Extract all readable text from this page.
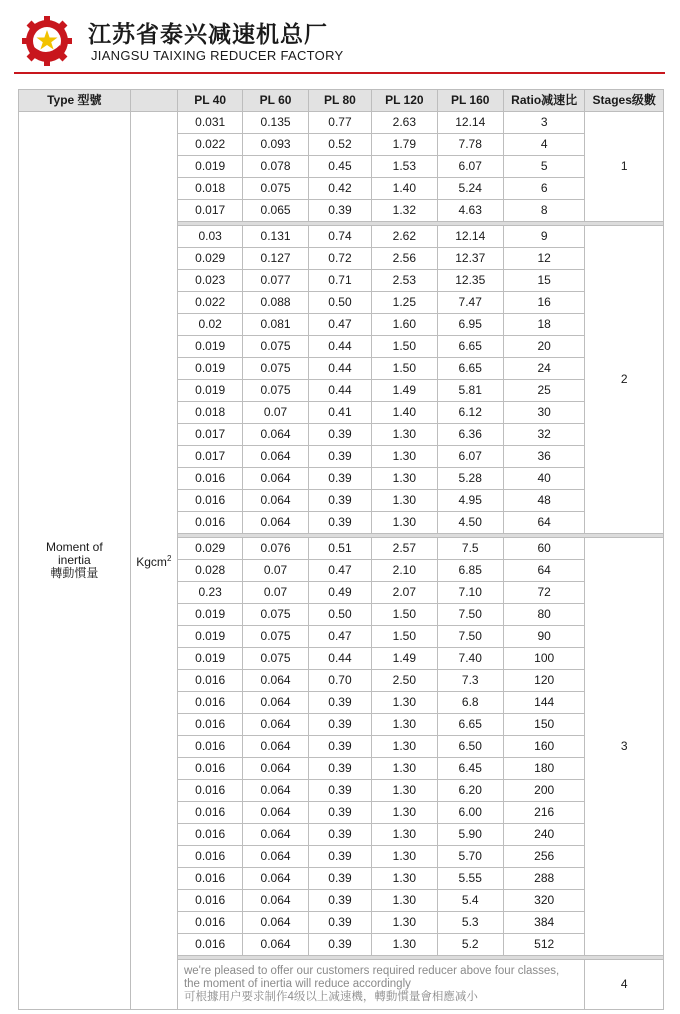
江苏省泰兴减速机总厂
JIANGSU TAIXING REDUCER FACTORY
Type 型號		PL 40	PL 60	PL 80	PL 120	PL 160	Ratio减速比	Stages级數

Moment of
inertia
轉動慣量	Kgcm$^2$	0.031	0.135	0.77	2.63	12.14	3	1
		0.022	0.093	0.52	1.79	7.78	4	
		0.019	0.078	0.45	1.53	6.07	5	
		0.018	0.075	0.42	1.40	5.24	6	
		0.017	0.065	0.39	1.32	4.63	8	

		0.03	0.131	0.74	2.62	12.14	9	2
		0.029	0.127	0.72	2.56	12.37	12	
		0.023	0.077	0.71	2.53	12.35	15	
		0.022	0.088	0.50	1.25	7.47	16	
		0.02	0.081	0.47	1.60	6.95	18	
		0.019	0.075	0.44	1.50	6.65	20	
		0.019	0.075	0.44	1.50	6.65	24	
		0.019	0.075	0.44	1.49	5.81	25	
		0.018	0.07	0.41	1.40	6.12	30	
		0.017	0.064	0.39	1.30	6.36	32	
		0.017	0.064	0.39	1.30	6.07	36	
		0.016	0.064	0.39	1.30	5.28	40	
		0.016	0.064	0.39	1.30	4.95	48	
		0.016	0.064	0.39	1.30	4.50	64	

		0.029	0.076	0.51	2.57	7.5	60	3
		0.028	0.07	0.47	2.10	6.85	64	
		0.23	0.07	0.49	2.07	7.10	72	
		0.019	0.075	0.50	1.50	7.50	80	
		0.019	0.075	0.47	1.50	7.50	90	
		0.019	0.075	0.44	1.49	7.40	100	
		0.016	0.064	0.70	2.50	7.3	120	
		0.016	0.064	0.39	1.30	6.8	144	
		0.016	0.064	0.39	1.30	6.65	150	
		0.016	0.064	0.39	1.30	6.50	160	
		0.016	0.064	0.39	1.30	6.45	180	
		0.016	0.064	0.39	1.30	6.20	200	
		0.016	0.064	0.39	1.30	6.00	216	
		0.016	0.064	0.39	1.30	5.90	240	
		0.016	0.064	0.39	1.30	5.70	256	
		0.016	0.064	0.39	1.30	5.55	288	
		0.016	0.064	0.39	1.30	5.4	320	
		0.016	0.064	0.39	1.30	5.3	384	
		0.016	0.064	0.39	1.30	5.2	512	

		we're pleased to offer our customers required reducer above four classes,
the moment of inertia will reduce accordingly
可根據用户要求制作4级以上减速機，轉動慣量會相應减小						4
